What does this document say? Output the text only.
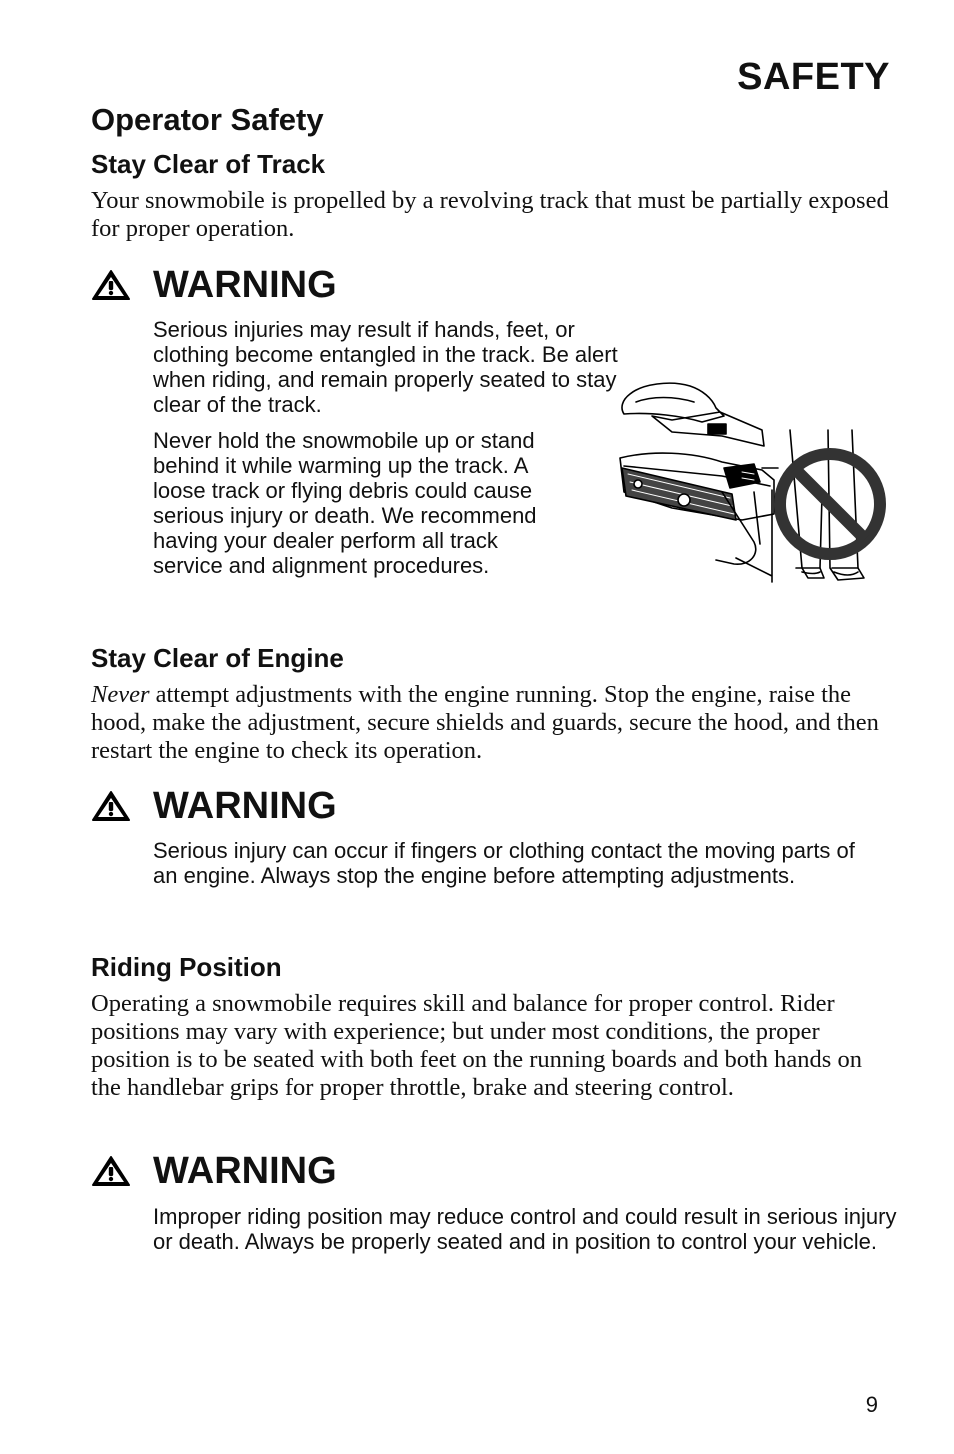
SAFETY
Operator Safety
Stay Clear of Track
Your snowmobile is propelled by a revolving track that must be partially exposed for proper operation.
WARNING
Serious injuries may result if hands, feet, or clothing become entangled in the track. Be alert when riding, and remain properly seated to stay clear of the track.
Never hold the snowmobile up or stand behind it while warming up the track. A loose track or flying debris could cause serious injury or death. We recommend having your dealer perform all track service and alignment procedures.
Stay Clear of Engine
Never attempt adjustments with the engine running. Stop the engine, raise the hood, make the adjustment, secure shields and guards, secure the hood, and then restart the engine to check its operation.
WARNING
Serious injury can occur if fingers or clothing contact the moving parts of an engine. Always stop the engine before attempting adjustments.
Riding Position
Operating a snowmobile requires skill and balance for proper control. Rider positions may vary with experience; but under most conditions, the proper position is to be seated with both feet on the running boards and both hands on the handlebar grips for proper throttle, brake and steering control.
WARNING
Improper riding position may reduce control and could result in serious injury or death. Always be properly seated and in position to control your vehicle.
9
